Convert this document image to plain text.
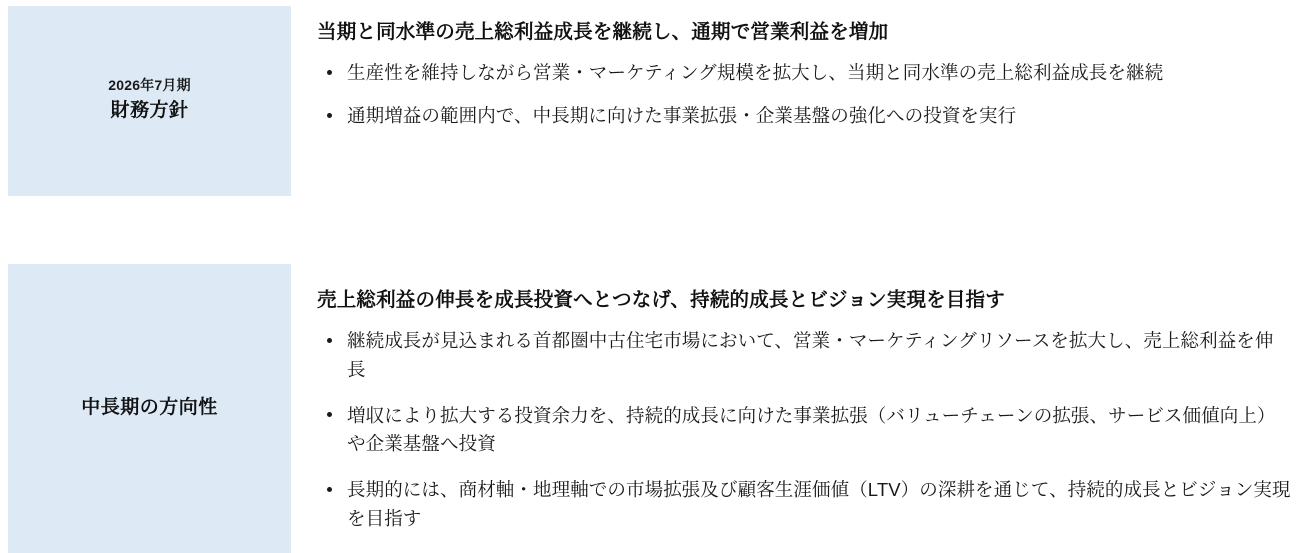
2026年7月期
財務方針
当期と同水準の売上総利益成長を継続し、通期で営業利益を増加
生産性を維持しながら営業・マーケティング規模を拡大し、当期と同水準の売上総利益成長を継続
通期増益の範囲内で、中長期に向けた事業拡張・企業基盤の強化への投資を実行
中長期の方向性
売上総利益の伸長を成長投資へとつなげ、持続的成長とビジョン実現を目指す
継続成長が見込まれる首都圏中古住宅市場において、営業・マーケティングリソースを拡大し、売上総利益を伸長
増収により拡大する投資余力を、持続的成長に向けた事業拡張（バリューチェーンの拡張、サービス価値向上）や企業基盤へ投資
長期的には、商材軸・地理軸での市場拡張及び顧客生涯価値（LTV）の深耕を通じて、持続的成長とビジョン実現を目指す
